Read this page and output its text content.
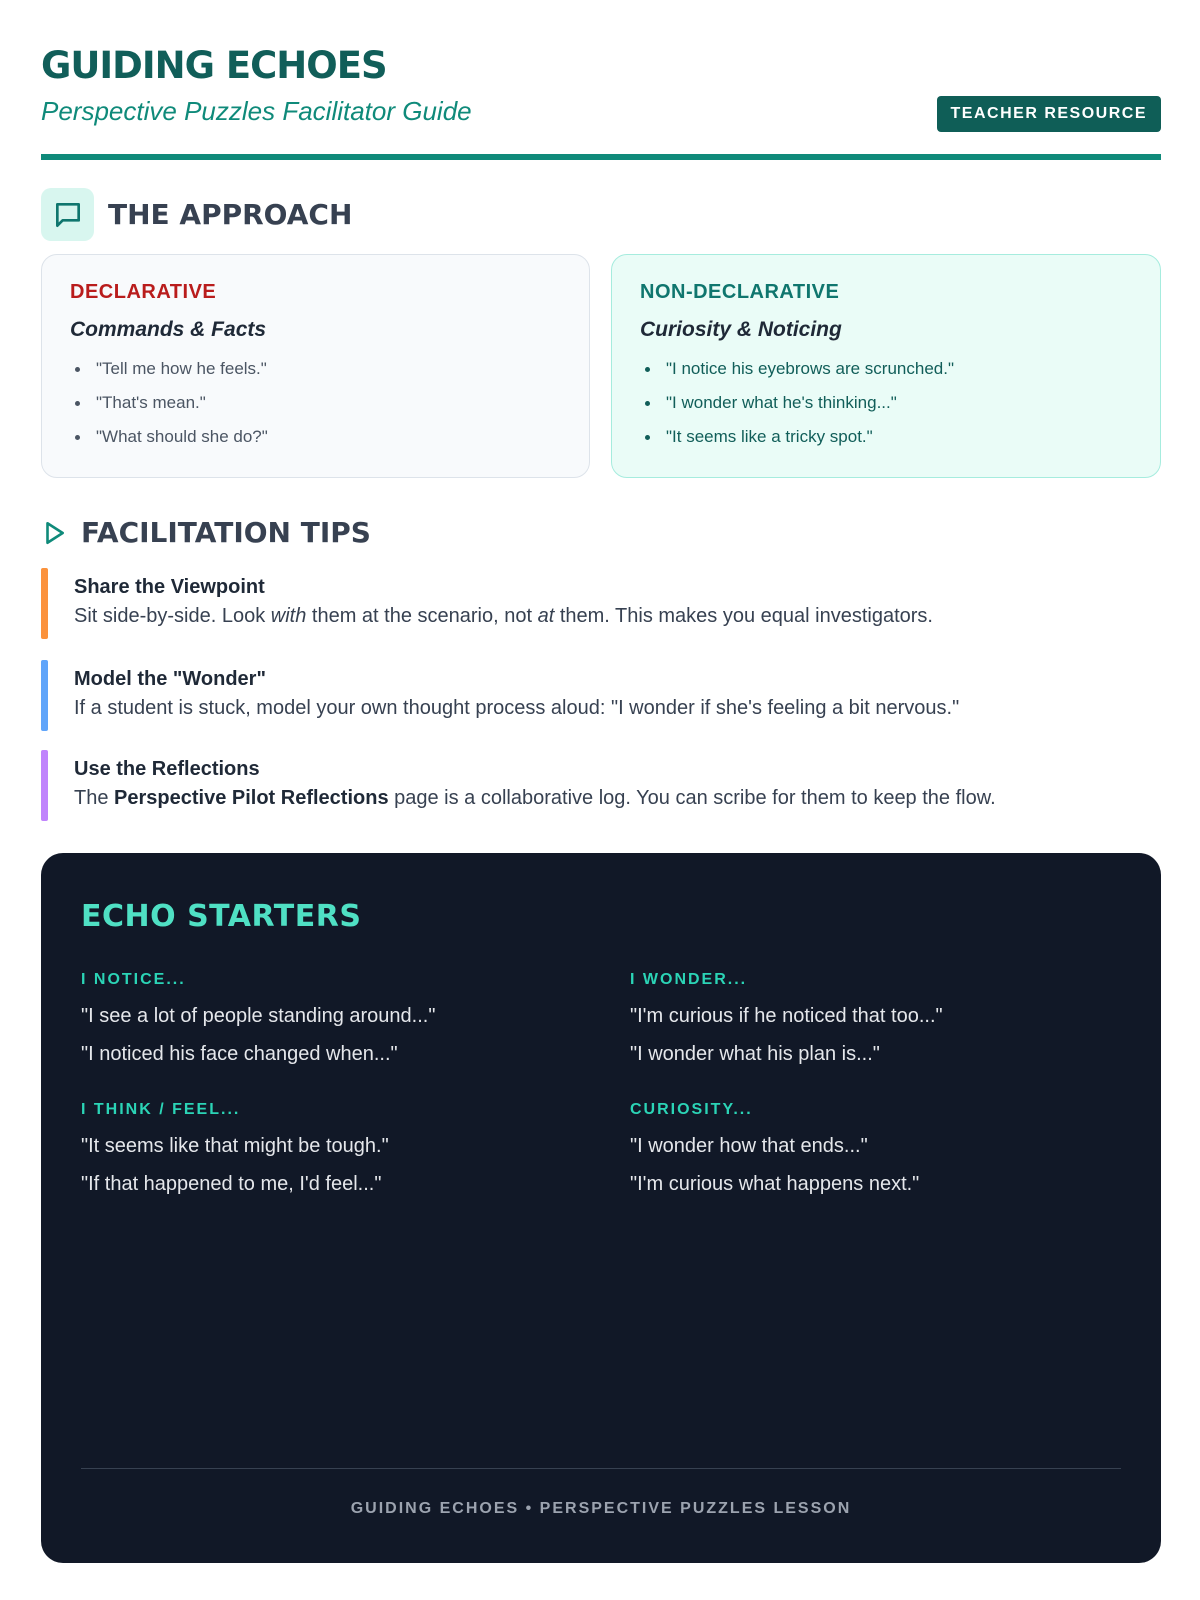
GUIDING ECHOES
Perspective Puzzles Facilitator Guide	TEACHER RESOURCE
THE APPROACH
DECLARATIVE
Commands & Facts
"Tell me how he feels."
"That's mean."
"What should she do?"
NON-DECLARATIVE
Curiosity & Noticing
"I notice his eyebrows are scrunched."
"I wonder what he's thinking..."
"It seems like a tricky spot."
FACILITATION TIPS
Share the Viewpoint
Sit side-by-side. Look with them at the scenario, not at them. This makes you equal investigators.
Model the "Wonder"
If a student is stuck, model your own thought process aloud: "I wonder if she's feeling a bit nervous."
Use the Reflections
The Perspective Pilot Reflections page is a collaborative log. You can scribe for them to keep the flow.
ECHO STARTERS
I NOTICE...
"I see a lot of people standing around..."
"I noticed his face changed when..."
I WONDER...
"I'm curious if he noticed that too..."
"I wonder what his plan is..."
I THINK / FEEL...
"It seems like that might be tough."
"If that happened to me, I'd feel..."
CURIOSITY...
"I wonder how that ends..."
"I'm curious what happens next."
GUIDING ECHOES • PERSPECTIVE PUZZLES LESSON
